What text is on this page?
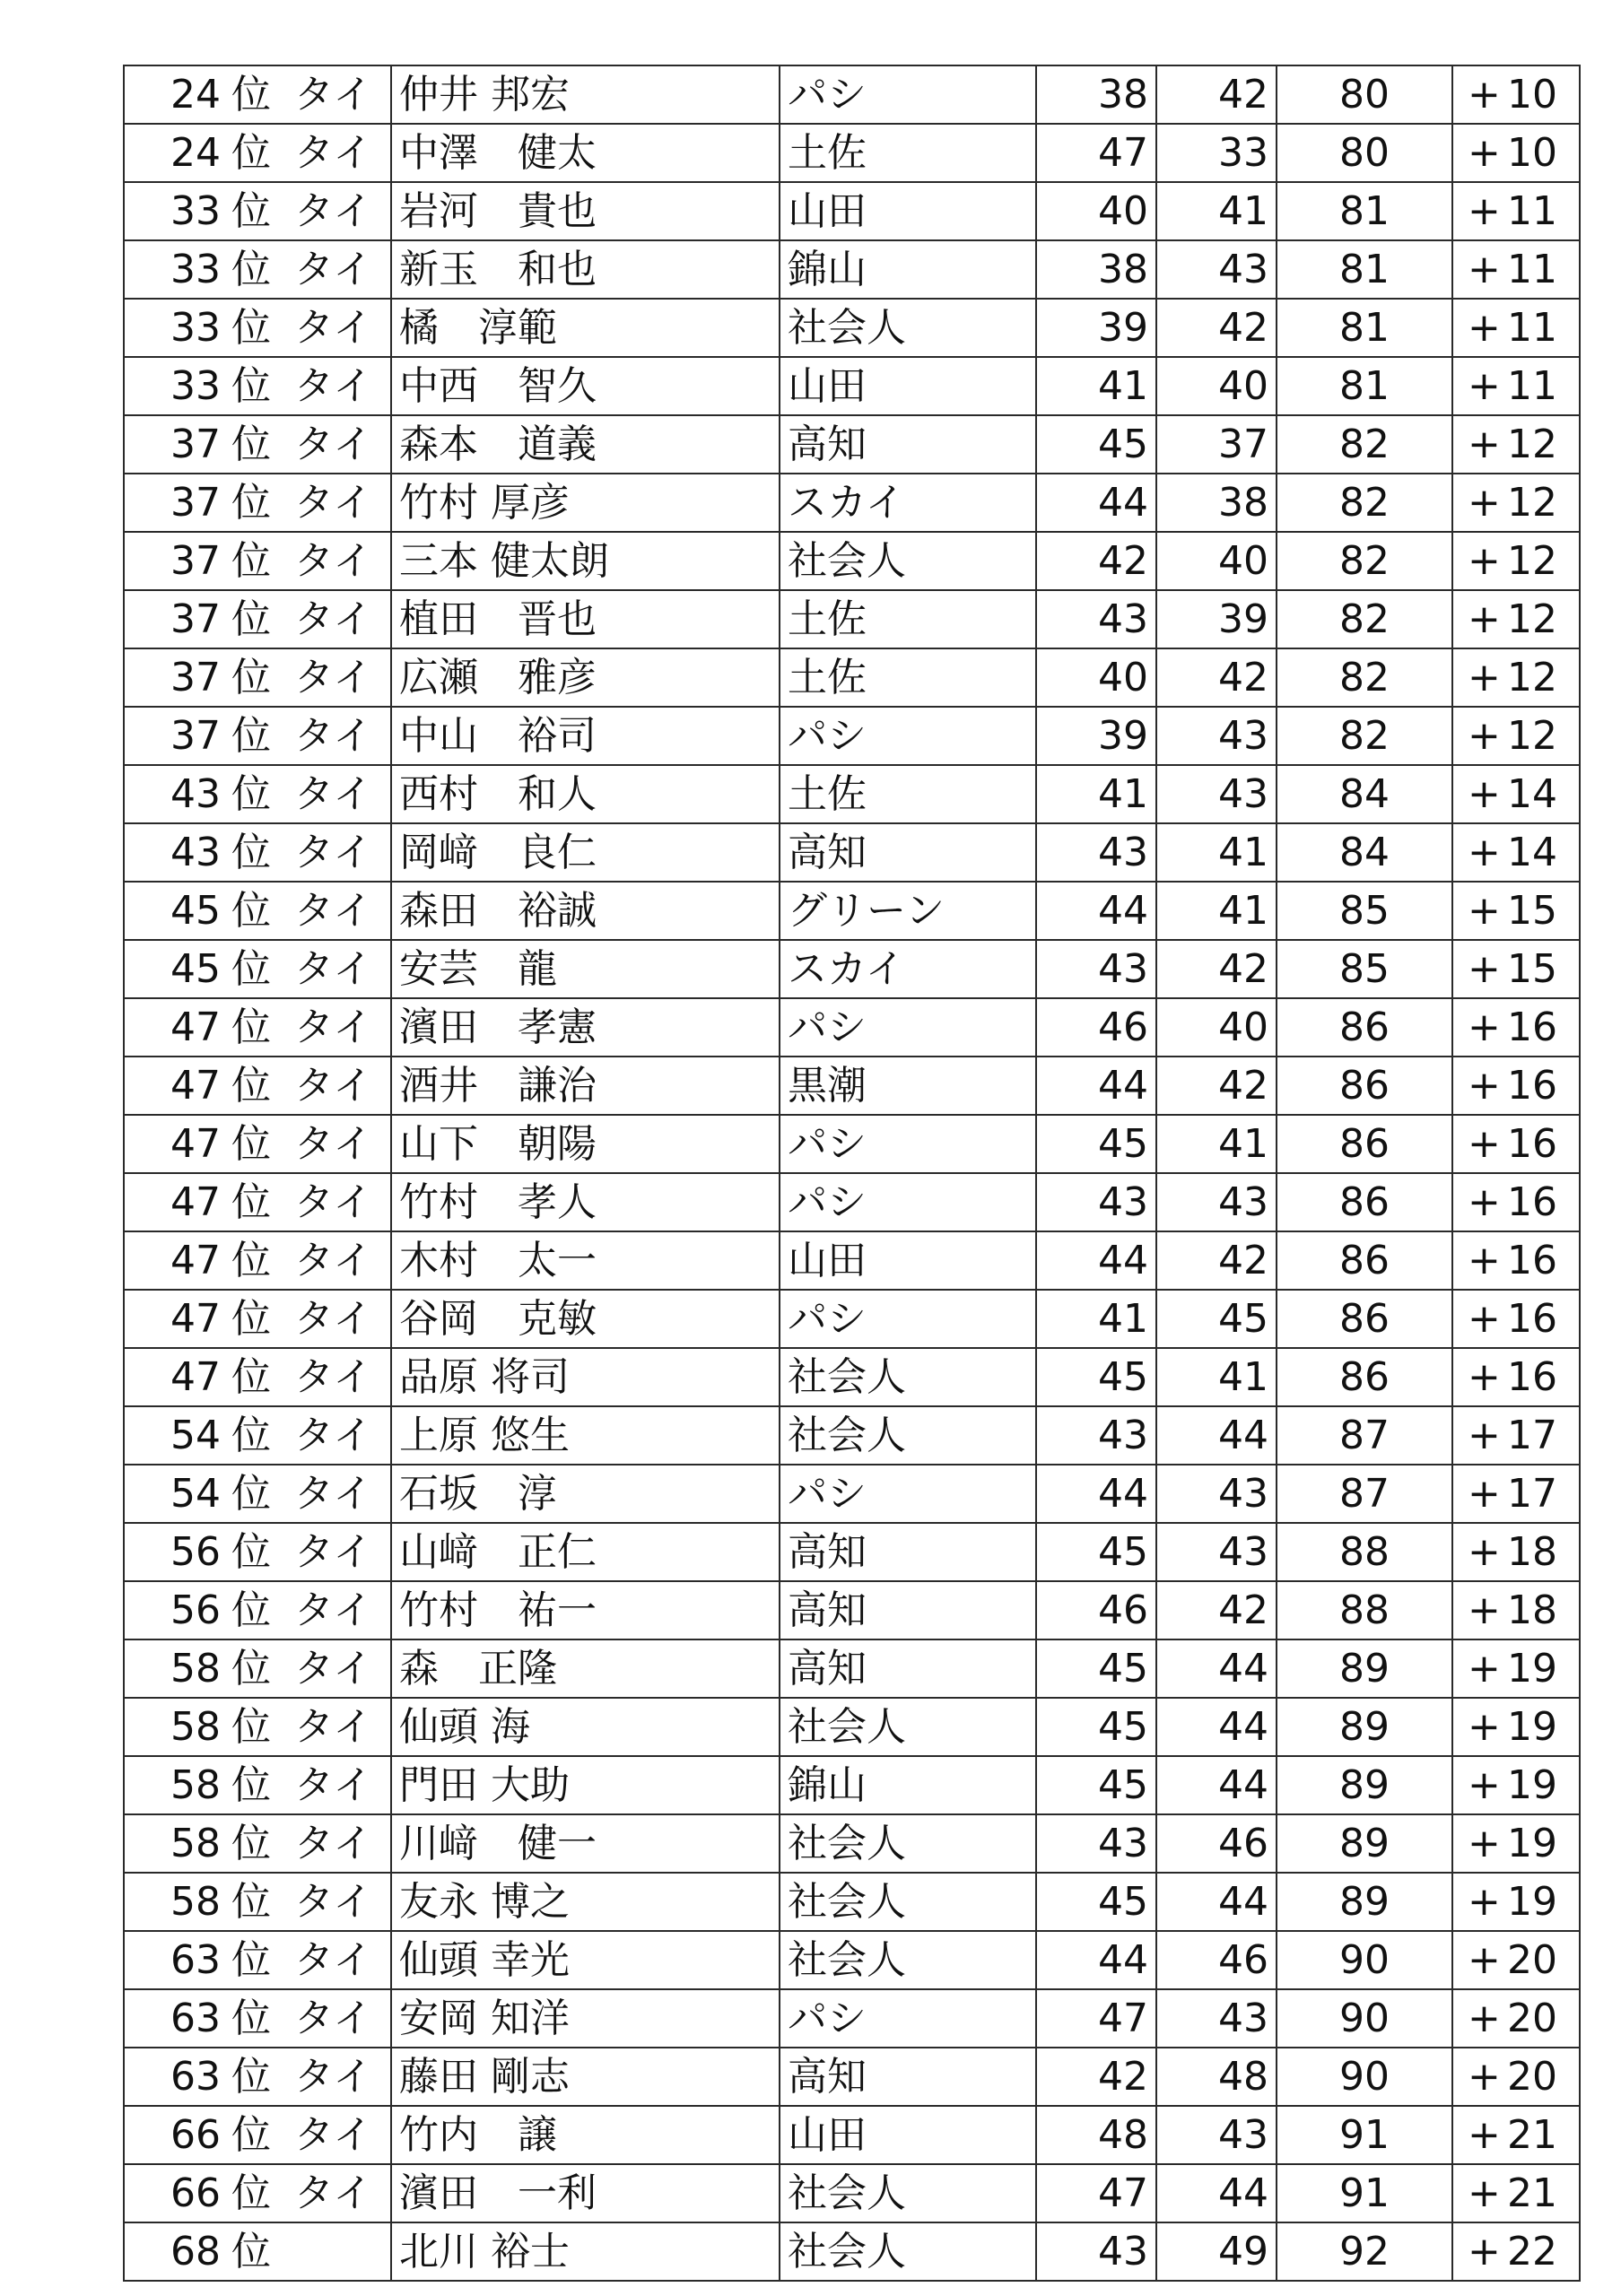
24	位	タイ	仲井 邦宏	パシ	38	42	80	+ 10
24	位	タイ	中澤　健太	土佐	47	33	80	+ 10
33	位	タイ	岩河　貴也	山田	40	41	81	+ 11
33	位	タイ	新玉　和也	錦山	38	43	81	+ 11
33	位	タイ	橘　淳範	社会人	39	42	81	+ 11
33	位	タイ	中西　智久	山田	41	40	81	+ 11
37	位	タイ	森本　道義	高知	45	37	82	+ 12
37	位	タイ	竹村 厚彦	スカイ	44	38	82	+ 12
37	位	タイ	三本 健太朗	社会人	42	40	82	+ 12
37	位	タイ	植田　晋也	土佐	43	39	82	+ 12
37	位	タイ	広瀬　雅彦	土佐	40	42	82	+ 12
37	位	タイ	中山　裕司	パシ	39	43	82	+ 12
43	位	タイ	西村　和人	土佐	41	43	84	+ 14
43	位	タイ	岡﨑　良仁	高知	43	41	84	+ 14
45	位	タイ	森田　裕誠	グリーン	44	41	85	+ 15
45	位	タイ	安芸　龍	スカイ	43	42	85	+ 15
47	位	タイ	濱田　孝憲	パシ	46	40	86	+ 16
47	位	タイ	酒井　謙治	黒潮	44	42	86	+ 16
47	位	タイ	山下　朝陽	パシ	45	41	86	+ 16
47	位	タイ	竹村　孝人	パシ	43	43	86	+ 16
47	位	タイ	木村　太一	山田	44	42	86	+ 16
47	位	タイ	谷岡　克敏	パシ	41	45	86	+ 16
47	位	タイ	品原 将司	社会人	45	41	86	+ 16
54	位	タイ	上原 悠生	社会人	43	44	87	+ 17
54	位	タイ	石坂　淳	パシ	44	43	87	+ 17
56	位	タイ	山﨑　正仁	高知	45	43	88	+ 18
56	位	タイ	竹村　祐一	高知	46	42	88	+ 18
58	位	タイ	森　正隆	高知	45	44	89	+ 19
58	位	タイ	仙頭 海	社会人	45	44	89	+ 19
58	位	タイ	門田 大助	錦山	45	44	89	+ 19
58	位	タイ	川﨑　健一	社会人	43	46	89	+ 19
58	位	タイ	友永 博之	社会人	45	44	89	+ 19
63	位	タイ	仙頭 幸光	社会人	44	46	90	+ 20
63	位	タイ	安岡 知洋	パシ	47	43	90	+ 20
63	位	タイ	藤田 剛志	高知	42	48	90	+ 20
66	位	タイ	竹内　譲	山田	48	43	91	+ 21
66	位	タイ	濱田　一利	社会人	47	44	91	+ 21
68	位		北川 裕士	社会人	43	49	92	+ 22
